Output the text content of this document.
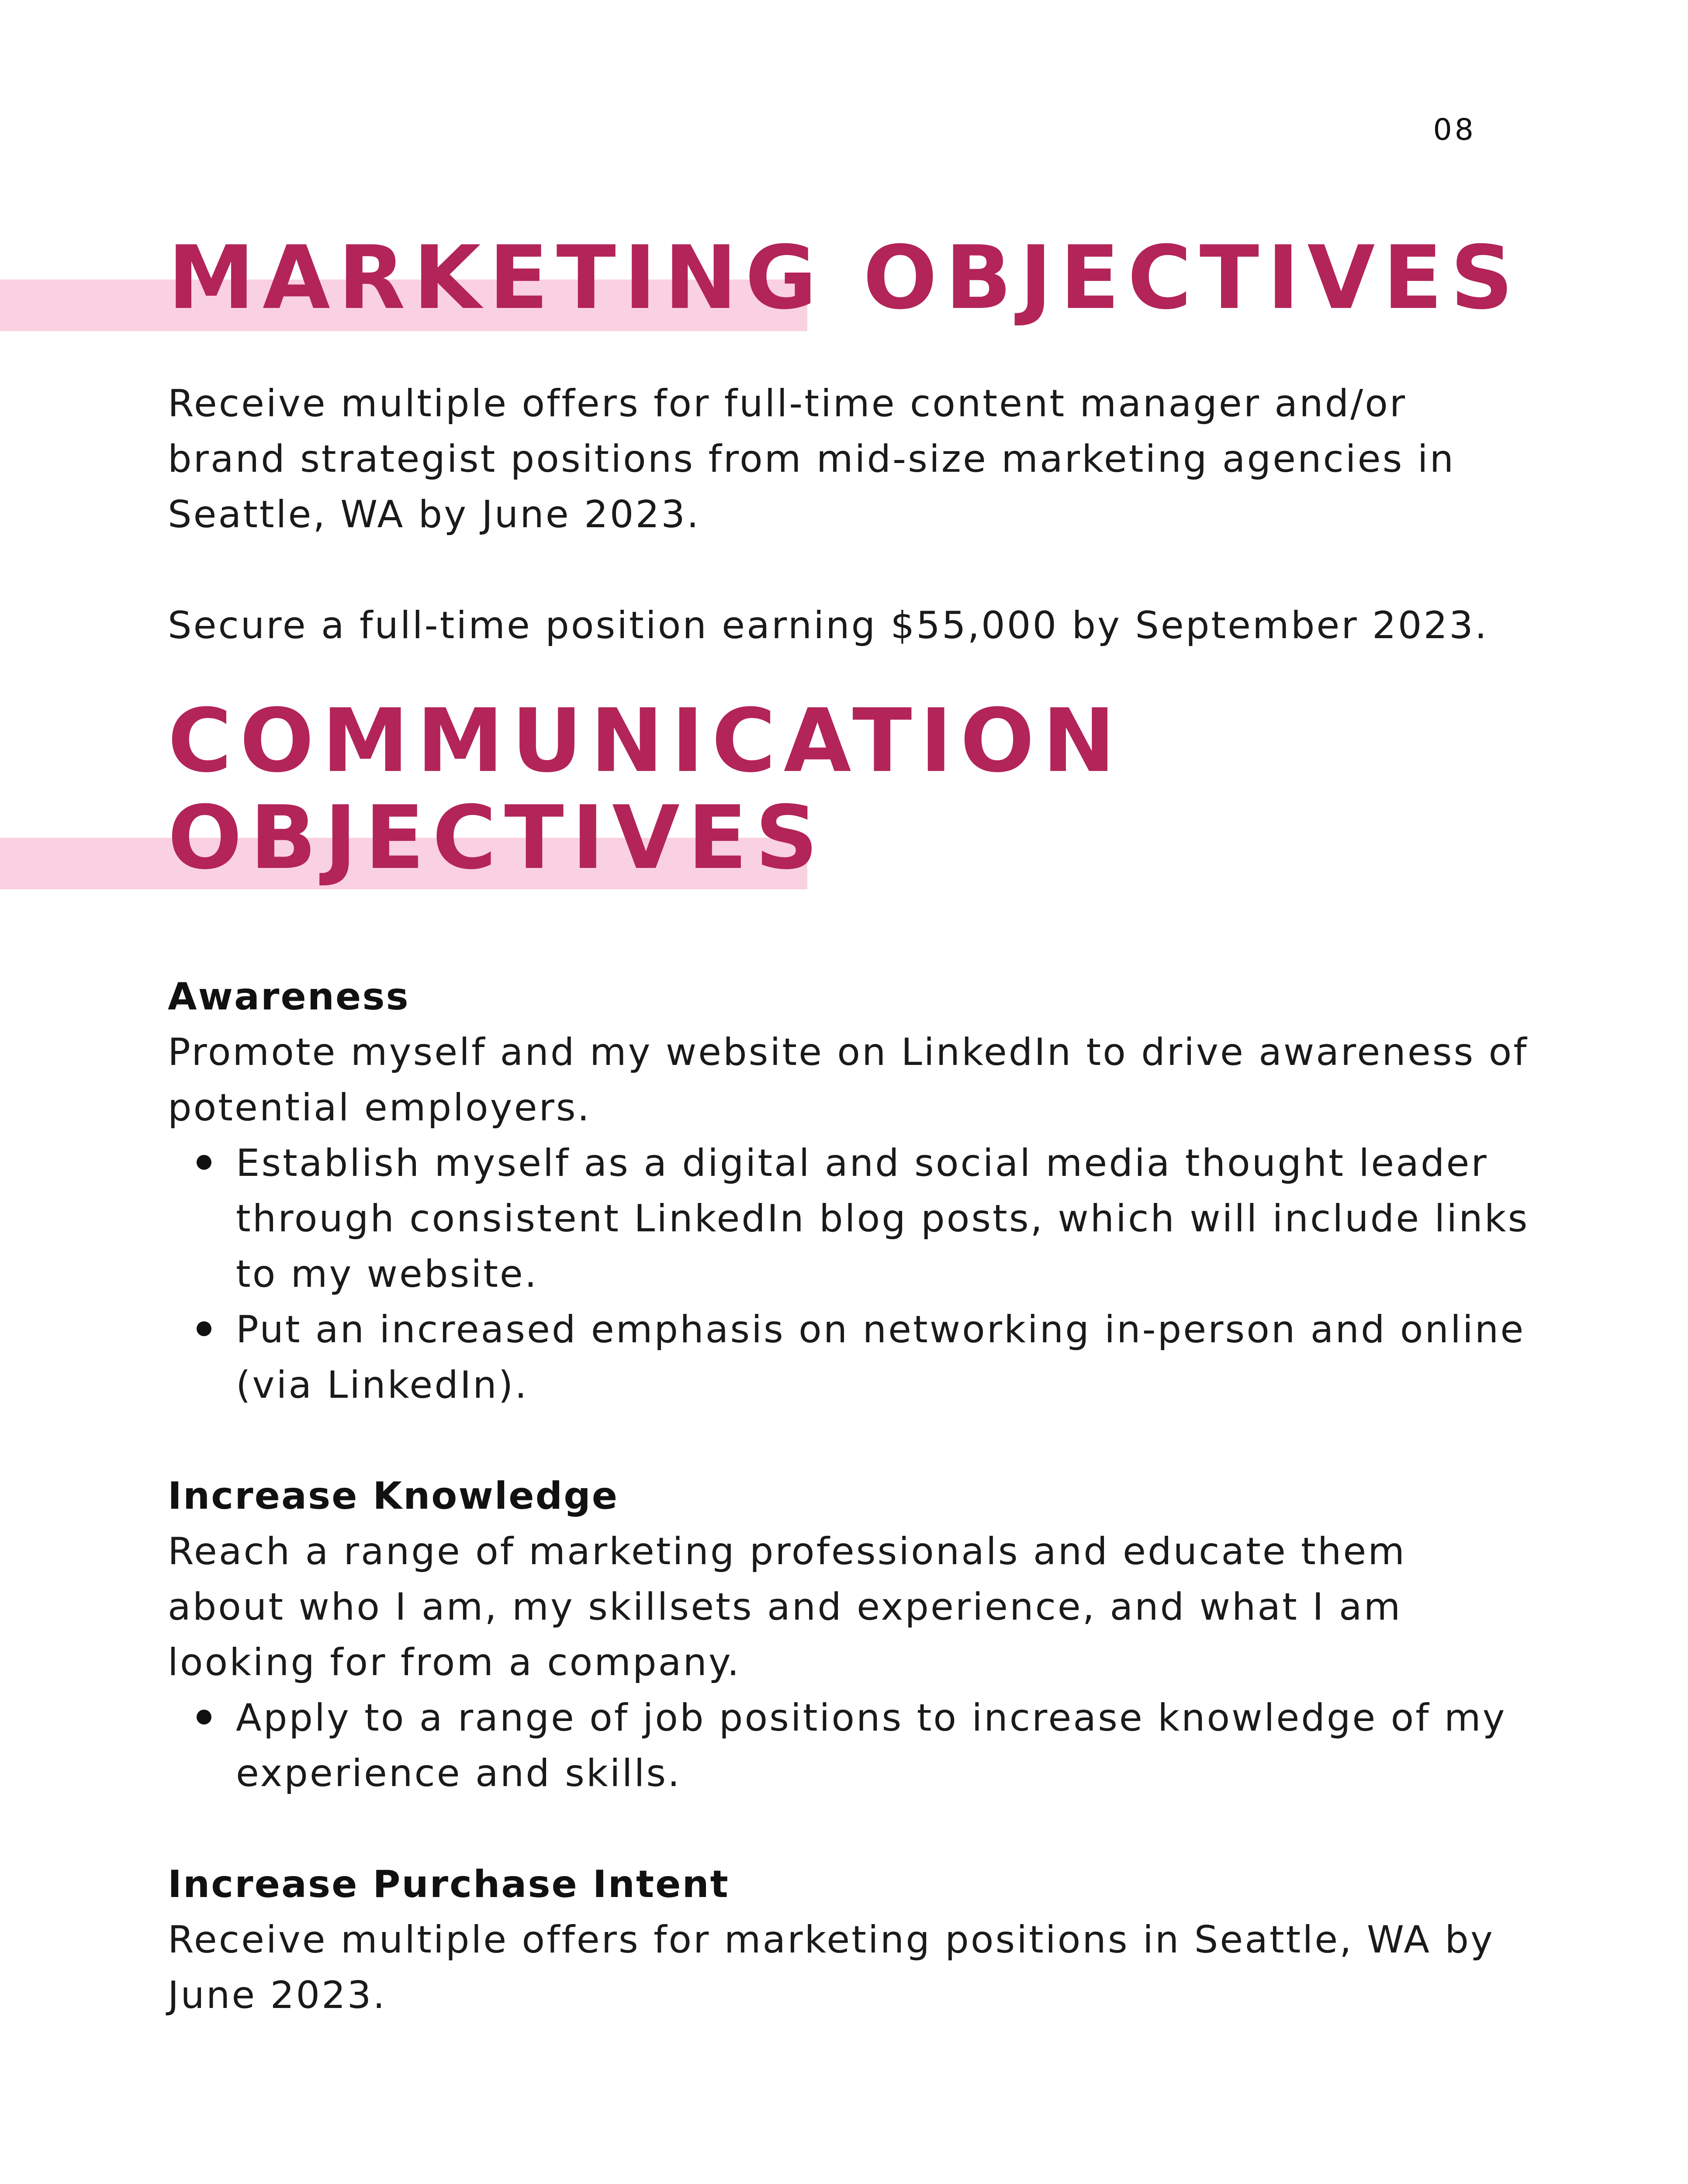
08
MARKETING OBJECTIVES

Receive multiple offers for full-time content manager and/or brand strategist positions from mid-size marketing agencies in Seattle, WA by June 2023.

Secure a full-time position earning $55,000 by September 2023.

COMMUNICATION
OBJECTIVES

Awareness

Promote myself and my website on LinkedIn to drive awareness of potential employers.

Establish myself as a digital and social media thought leader through consistent LinkedIn blog posts, which will include links to my website.
Put an increased emphasis on networking in-person and online (via LinkedIn).

Increase Knowledge

Reach a range of marketing professionals and educate them about who I am, my skillsets and experience, and what I am looking for from a company.

Apply to a range of job positions to increase knowledge of my experience and skills.

Increase Purchase Intent

Receive multiple offers for marketing positions in Seattle, WA by June 2023.
